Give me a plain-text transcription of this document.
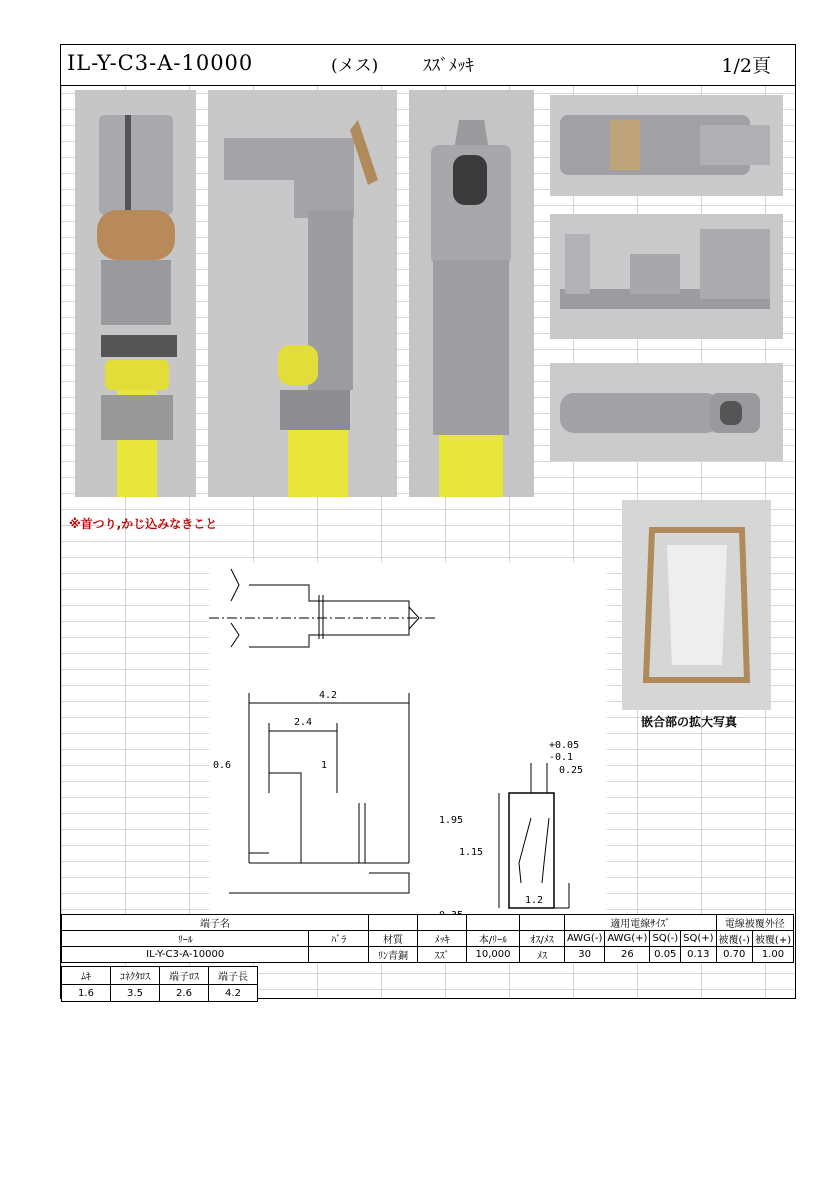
IL-Y-C3-A-10000	(メス)	ｽｽﾞﾒｯｷ	1/2頁
※首つり,かじ込みなきこと
4.2
2.4
0.6	1
+0.05
-0.1
0.25
1.95
1.15
1.2
嵌合部の拡大写真
端子名						適用電線ｻｲｽﾞ				電線被覆外径	
ﾘｰﾙ	ﾊﾞﾗ	材質	ﾒｯｷ	本/ﾘｰﾙ	ｵｽ/ﾒｽ	AWG(-)	AWG(+)	SQ(-)	SQ(+)	被覆(-)	被覆(+)
IL-Y-C3-A-10000		ﾘﾝ青銅	ｽｽﾞ	10,000	ﾒｽ	30	26	0.05	0.13	0.70	1.00
ﾑｷ	ｺﾈｸﾀﾛｽ	端子ﾛｽ	端子長
1.6	3.5	2.6	4.2
